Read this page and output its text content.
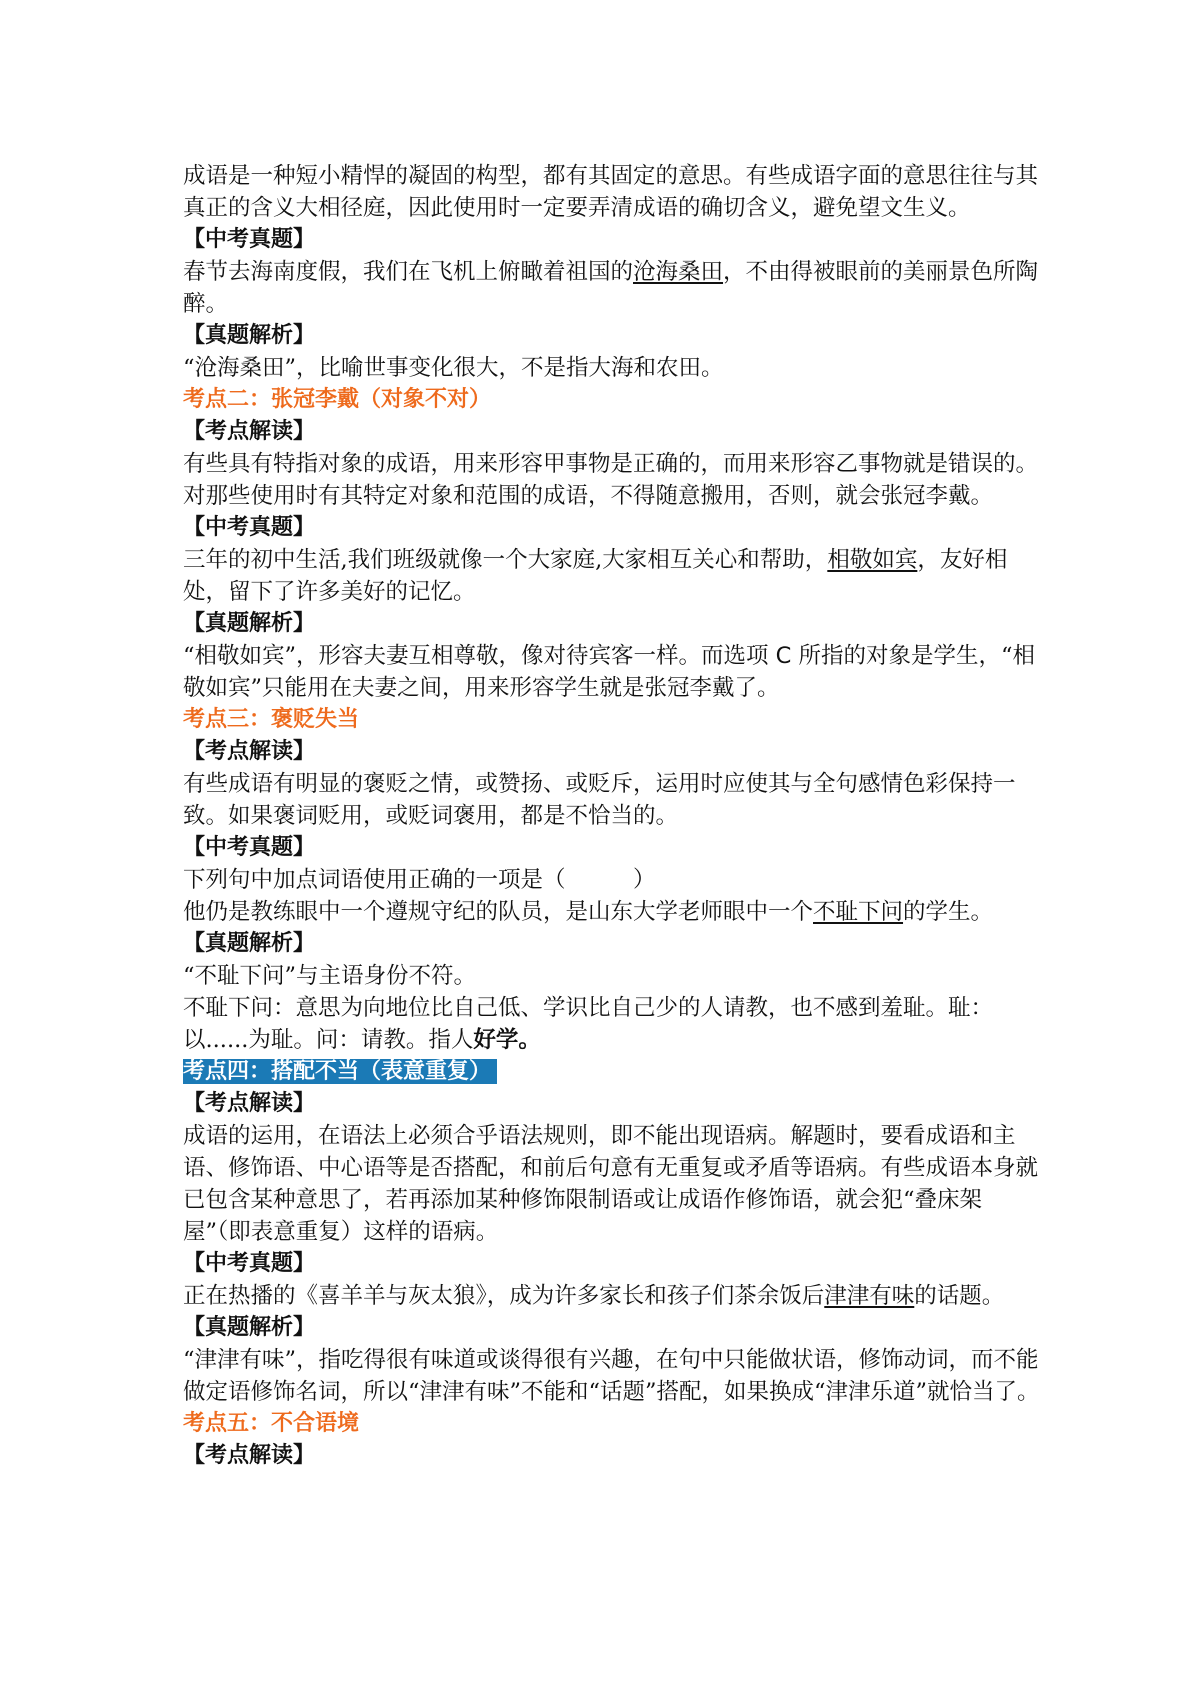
成语是一种短小精悍的凝固的构型，都有其固定的意思。有些成语字面的意思往往与其真正的含义大相径庭，因此使用时一定要弄清成语的确切含义，避免望文生义。

【中考真题】

春节去海南度假，我们在飞机上俯瞰着祖国的沧海桑田，不由得被眼前的美丽景色所陶醉。

【真题解析】

“沧海桑田”，比喻世事变化很大，不是指大海和农田。

考点二：张冠李戴（对象不对）

【考点解读】

有些具有特指对象的成语，用来形容甲事物是正确的，而用来形容乙事物就是错误的。对那些使用时有其特定对象和范围的成语，不得随意搬用，否则，就会张冠李戴。

【中考真题】

三年的初中生活,我们班级就像一个大家庭,大家相互关心和帮助，相敬如宾，友好相处，留下了许多美好的记忆。

【真题解析】

“相敬如宾”，形容夫妻互相尊敬，像对待宾客一样。而选项 C 所指的对象是学生，“相敬如宾”只能用在夫妻之间，用来形容学生就是张冠李戴了。

考点三：褒贬失当

【考点解读】

有些成语有明显的褒贬之情，或赞扬、或贬斥，运用时应使其与全句感情色彩保持一致。如果褒词贬用，或贬词褒用，都是不恰当的。

【中考真题】

下列句中加点词语使用正确的一项是（　　　）

他仍是教练眼中一个遵规守纪的队员，是山东大学老师眼中一个不耻下问的学生。

【真题解析】

“不耻下问”与主语身份不符。

不耻下问：意思为向地位比自己低、学识比自己少的人请教，也不感到羞耻。耻：以......为耻。问：请教。指人好学。

考点四：搭配不当（表意重复）

【考点解读】

成语的运用，在语法上必须合乎语法规则，即不能出现语病。解题时，要看成语和主语、修饰语、中心语等是否搭配，和前后句意有无重复或矛盾等语病。有些成语本身就已包含某种意思了，若再添加某种修饰限制语或让成语作修饰语，就会犯“叠床架屋”（即表意重复）这样的语病。

【中考真题】

正在热播的《喜羊羊与灰太狼》，成为许多家长和孩子们茶余饭后津津有味的话题。

【真题解析】

“津津有味”，指吃得很有味道或谈得很有兴趣，在句中只能做状语，修饰动词，而不能做定语修饰名词，所以“津津有味”不能和“话题”搭配，如果换成“津津乐道”就恰当了。

考点五：不合语境

【考点解读】
